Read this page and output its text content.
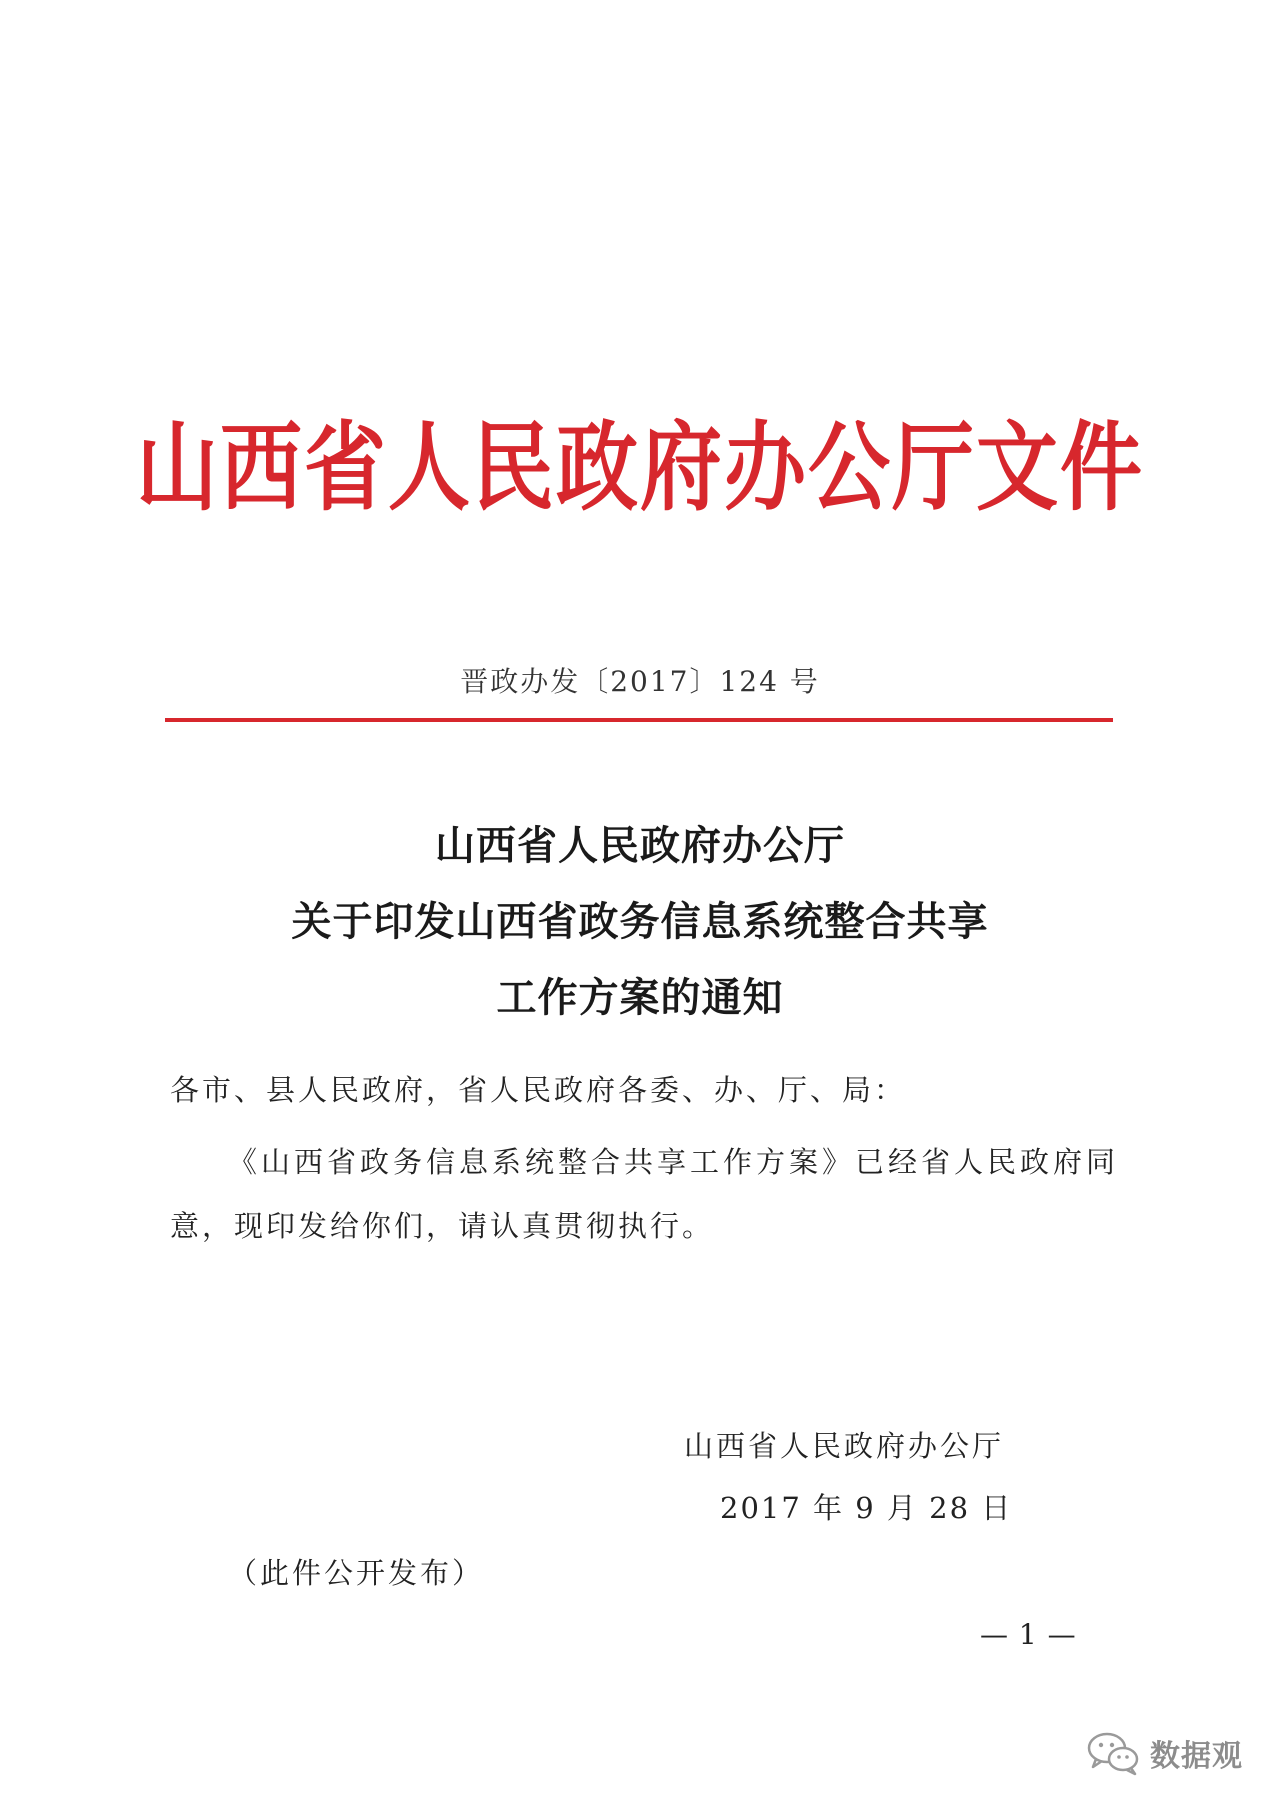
山西省人民政府办公厅文件
晋政办发〔2017〕124 号
山西省人民政府办公厅
关于印发山西省政务信息系统整合共享
工作方案的通知
各市、县人民政府，省人民政府各委、办、厅、局：
《山西省政务信息系统整合共享工作方案》已经省人民政府同意，现印发给你们，请认真贯彻执行。
山西省人民政府办公厅
2017 年 9 月 28 日
（此件公开发布）
— 1 —
数据观
